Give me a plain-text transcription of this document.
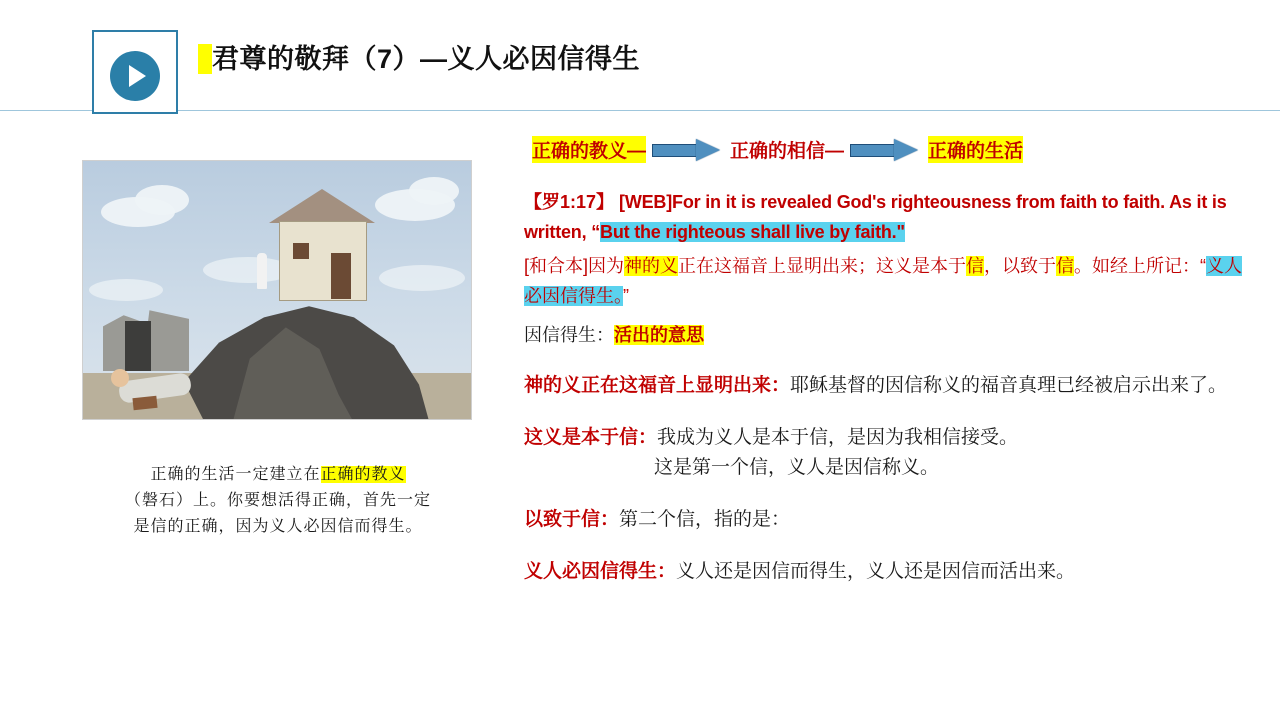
君尊的敬拜（7）—义人必因信得生
正确的生活一定建立在正确的教义
（磐石）上。你要想活得正确，首先一定
是信的正确，因为义人必因信而得生。
正确的教义—	正确的相信—	正确的生活
【罗1:17】 [WEB]For in it is revealed God's righteousness from faith to faith. As it is written, “But the righteous shall live by faith."
[和合本]因为神的义正在这福音上显明出来；这义是本于信，以致于信。如经上所记：“义人必因信得生。”
因信得生：活出的意思
神的义正在这福音上显明出来：耶稣基督的因信称义的福音真理已经被启示出来了。
这义是本于信：我成为义人是本于信，是因为我相信接受。
这是第一个信，义人是因信称义。
以致于信：第二个信，指的是：
义人必因信得生：义人还是因信而得生，义人还是因信而活出来。
